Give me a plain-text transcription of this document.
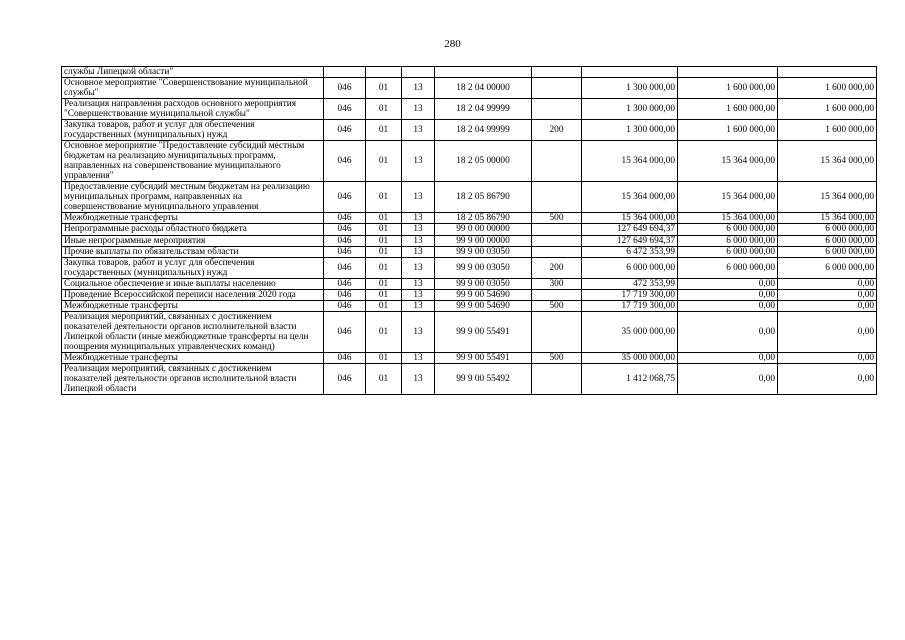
280
службы Липецкой области"								
Основное мероприятие "Совершенствование муниципальной службы"	046	01	13	18 2 04 00000		1 300 000,00	1 600 000,00	1 600 000,00
Реализация направления расходов основного мероприятия "Совершенствование муниципальной службы"	046	01	13	18 2 04 99999		1 300 000,00	1 600 000,00	1 600 000,00
Закупка товаров, работ и услуг для обеспечения государственных (муниципальных) нужд	046	01	13	18 2 04 99999	200	1 300 000,00	1 600 000,00	1 600 000,00
Основное мероприятие "Предоставление субсидий местным бюджетам на реализацию муниципальных программ, направленных на совершенствование муниципального управления"	046	01	13	18 2 05 00000		15 364 000,00	15 364 000,00	15 364 000,00
Предоставление субсидий местным бюджетам на реализацию муниципальных программ, направленных на совершенствование муниципального управления	046	01	13	18 2 05 86790		15 364 000,00	15 364 000,00	15 364 000,00
Межбюджетные трансферты	046	01	13	18 2 05 86790	500	15 364 000,00	15 364 000,00	15 364 000,00
Непрограммные расходы областного бюджета	046	01	13	99 0 00 00000		127 649 694,37	6 000 000,00	6 000 000,00
Иные непрограммные мероприятия	046	01	13	99 9 00 00000		127 649 694,37	6 000 000,00	6 000 000,00
Прочие выплаты по обязательствам области	046	01	13	99 9 00 03050		6 472 353,99	6 000 000,00	6 000 000,00
Закупка товаров, работ и услуг для обеспечения государственных (муниципальных) нужд	046	01	13	99 9 00 03050	200	6 000 000,00	6 000 000,00	6 000 000,00
Социальное обеспечение и иные выплаты населению	046	01	13	99 9 00 03050	300	472 353,99	0,00	0,00
Проведение Всероссийской переписи населения 2020 года	046	01	13	99 9 00 54690		17 719 300,00	0,00	0,00
Межбюджетные трансферты	046	01	13	99 9 00 54690	500	17 719 300,00	0,00	0,00
Реализация мероприятий, связанных с достижением показателей деятельности органов исполнительной власти Липецкой области (иные межбюджетные трансферты на цели поощрения муниципальных управленческих команд)	046	01	13	99 9 00 55491		35 000 000,00	0,00	0,00
Межбюджетные трансферты	046	01	13	99 9 00 55491	500	35 000 000,00	0,00	0,00
Реализация мероприятий, связанных с достижением показателей деятельности органов исполнительной власти Липецкой области	046	01	13	99 9 00 55492		1 412 068,75	0,00	0,00
